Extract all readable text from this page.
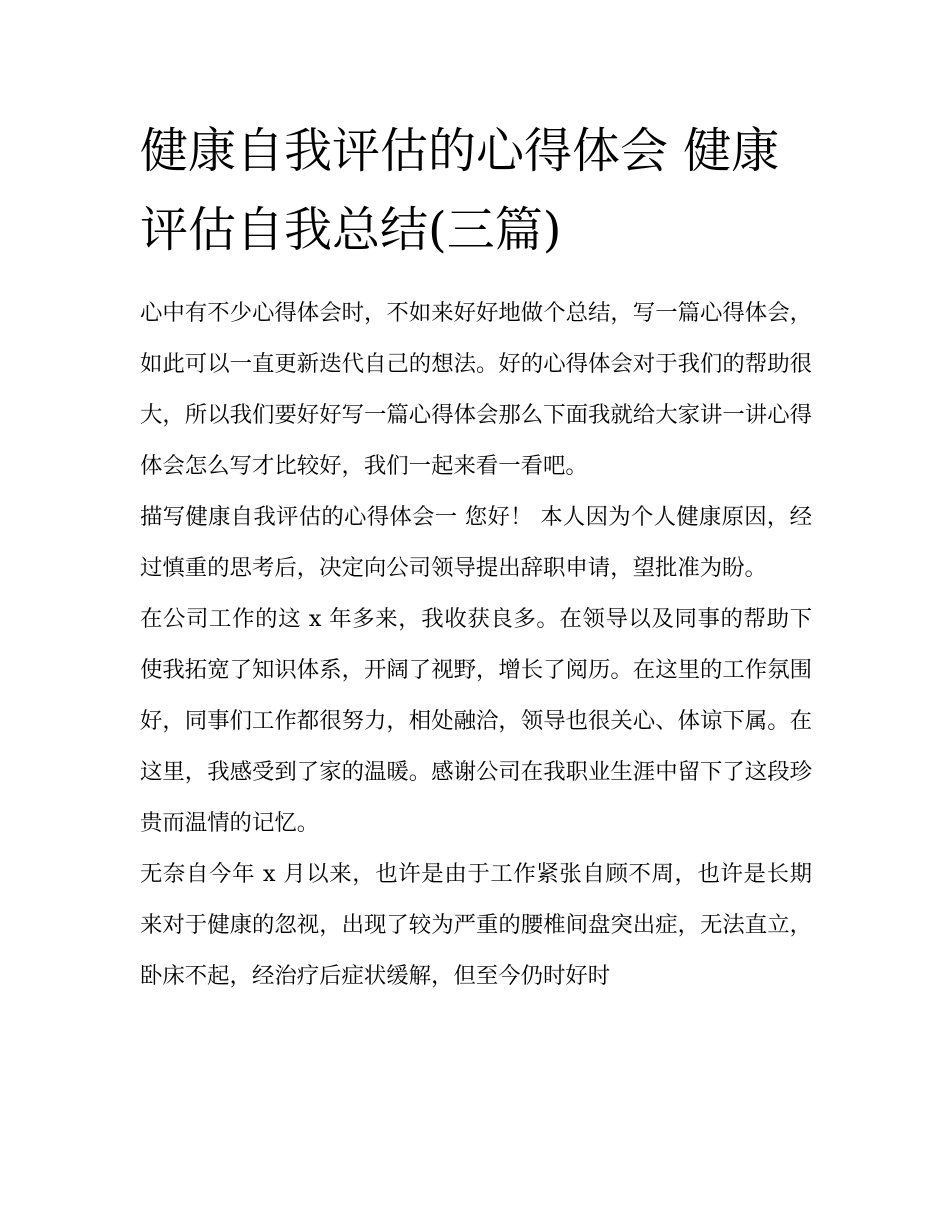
健康自我评估的心得体会 健康评估自我总结(三篇)

心中有不少心得体会时，不如来好好地做个总结，写一篇心得体会，如此可以一直更新迭代自己的想法。好的心得体会对于我们的帮助很大，所以我们要好好写一篇心得体会那么下面我就给大家讲一讲心得体会怎么写才比较好，我们一起来看一看吧。

描写健康自我评估的心得体会一 您好！ 本人因为个人健康原因，经过慎重的思考后，决定向公司领导提出辞职申请，望批准为盼。

在公司工作的这 x 年多来，我收获良多。在领导以及同事的帮助下使我拓宽了知识体系，开阔了视野，增长了阅历。在这里的工作氛围好，同事们工作都很努力，相处融洽，领导也很关心、体谅下属。在这里，我感受到了家的温暖。感谢公司在我职业生涯中留下了这段珍贵而温情的记忆。

无奈自今年 x 月以来，也许是由于工作紧张自顾不周，也许是长期来对于健康的忽视，出现了较为严重的腰椎间盘突出症，无法直立，卧床不起，经治疗后症状缓解，但至今仍时好时
